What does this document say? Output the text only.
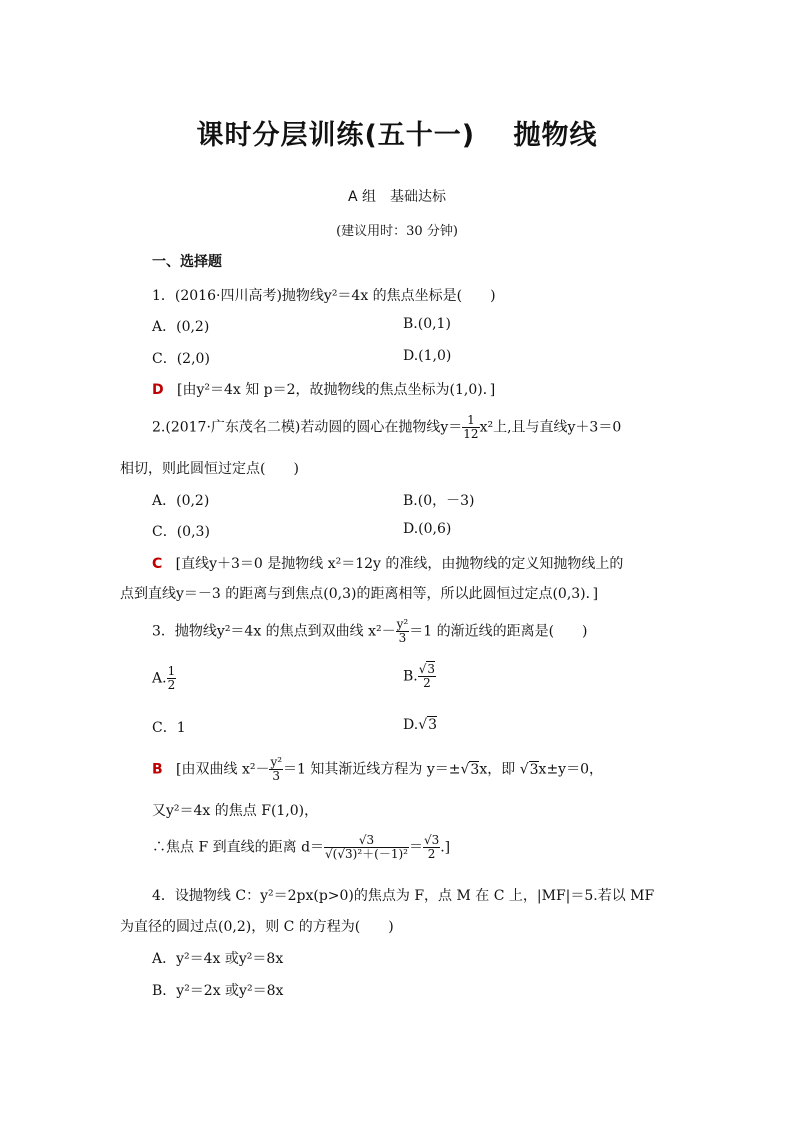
课时分层训练(五十一)　 抛物线
A 组　基础达标
(建议用时：30 分钟)
一、选择题
1．(2016·四川高考)抛物线y²＝4x 的焦点坐标是(　　)
A．(0,2)	B.(0,1)
C．(2,0)	D.(1,0)
D [由y²＝4x 知 p＝2，故抛物线的焦点坐标为(1,0)．]
2.(2017·广东茂名二模)若动圆的圆心在抛物线$y= \frac{1}{12} x^2$上,且与直线y＋3＝0
相切，则此圆恒过定点(　　)
A．(0,2)	B.(0，－3)
C．(0,3)	D.(0,6)
C [直线y＋3＝0 是抛物线 x²＝12y 的准线，由抛物线的定义知抛物线上的
点到直线y＝－3 的距离与到焦点(0,3)的距离相等，所以此圆恒过定点(0,3)．]
3．抛物线y²＝4x 的焦点到双曲线 $x^2- \frac{\text{y²}}{3} =1$ 的渐近线的距离是(　　)
A. $\frac{1}{2}$	B. $\frac{√3}{2}$
C．1	D.√3
B [由双曲线 $x^2- \frac{\text{y²}}{3} =1$ 知其渐近线方程为 y＝±√3x，即 √3x±y＝0，
又y²＝4x 的焦点 F(1,0)，
∴焦点 F 到直线的距离 $d= \frac{√3}{\text{√(√3)²＋(－1)²}} = \frac{√3}{2}$ .]
4．设抛物线 C：y²＝2px(p>0)的焦点为 F，点 M 在 C 上，|MF|＝5.若以 MF
为直径的圆过点(0,2)，则 C 的方程为(　　)
A．y²＝4x 或y²＝8x
B．y²＝2x 或y²＝8x
